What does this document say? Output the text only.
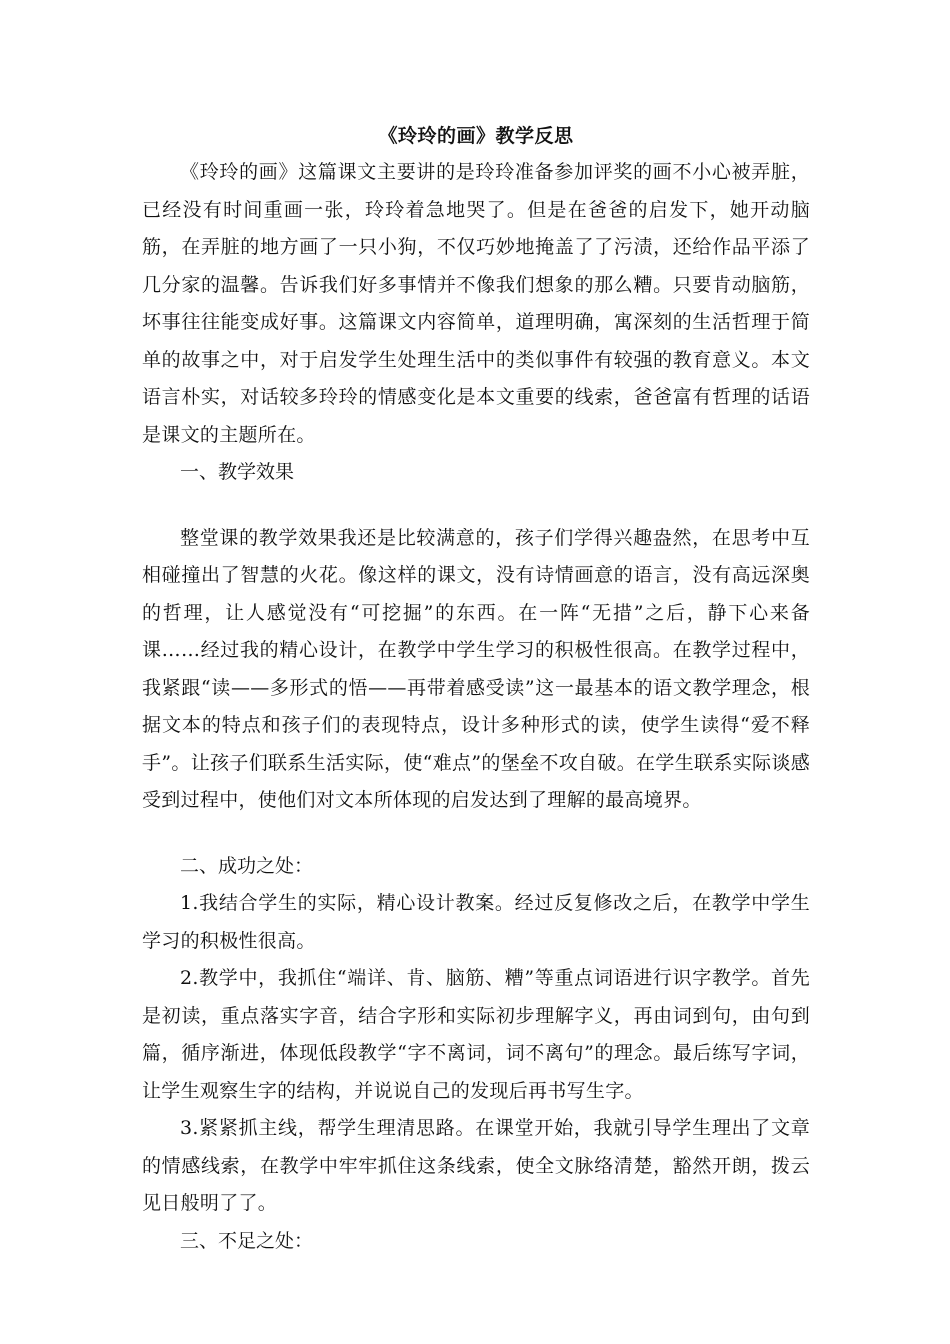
《玲玲的画》教学反思

《玲玲的画》这篇课文主要讲的是玲玲准备参加评奖的画不小心被弄脏，已经没有时间重画一张，玲玲着急地哭了。但是在爸爸的启发下，她开动脑筋，在弄脏的地方画了一只小狗，不仅巧妙地掩盖了了污渍，还给作品平添了几分家的温馨。告诉我们好多事情并不像我们想象的那么糟。只要肯动脑筋，坏事往往能变成好事。这篇课文内容简单，道理明确，寓深刻的生活哲理于简单的故事之中，对于启发学生处理生活中的类似事件有较强的教育意义。本文语言朴实，对话较多玲玲的情感变化是本文重要的线索，爸爸富有哲理的话语是课文的主题所在。

一、教学效果

整堂课的教学效果我还是比较满意的，孩子们学得兴趣盎然，在思考中互相碰撞出了智慧的火花。像这样的课文，没有诗情画意的语言，没有高远深奥的哲理，让人感觉没有“可挖掘”的东西。在一阵“无措”之后，静下心来备课……经过我的精心设计，在教学中学生学习的积极性很高。在教学过程中，我紧跟“读——多形式的悟——再带着感受读”这一最基本的语文教学理念，根据文本的特点和孩子们的表现特点，设计多种形式的读，使学生读得“爱不释手”。让孩子们联系生活实际，使“难点”的堡垒不攻自破。在学生联系实际谈感受到过程中，使他们对文本所体现的启发达到了理解的最高境界。

二、成功之处：

1.我结合学生的实际，精心设计教案。经过反复修改之后，在教学中学生学习的积极性很高。

2.教学中，我抓住“端详、肯、脑筋、糟”等重点词语进行识字教学。首先是初读，重点落实字音，结合字形和实际初步理解字义，再由词到句，由句到篇，循序渐进，体现低段教学“字不离词，词不离句”的理念。最后练写字词，让学生观察生字的结构，并说说自己的发现后再书写生字。

3.紧紧抓主线，帮学生理清思路。在课堂开始，我就引导学生理出了文章的情感线索，在教学中牢牢抓住这条线索，使全文脉络清楚，豁然开朗，拨云见日般明了了。

三、不足之处：
